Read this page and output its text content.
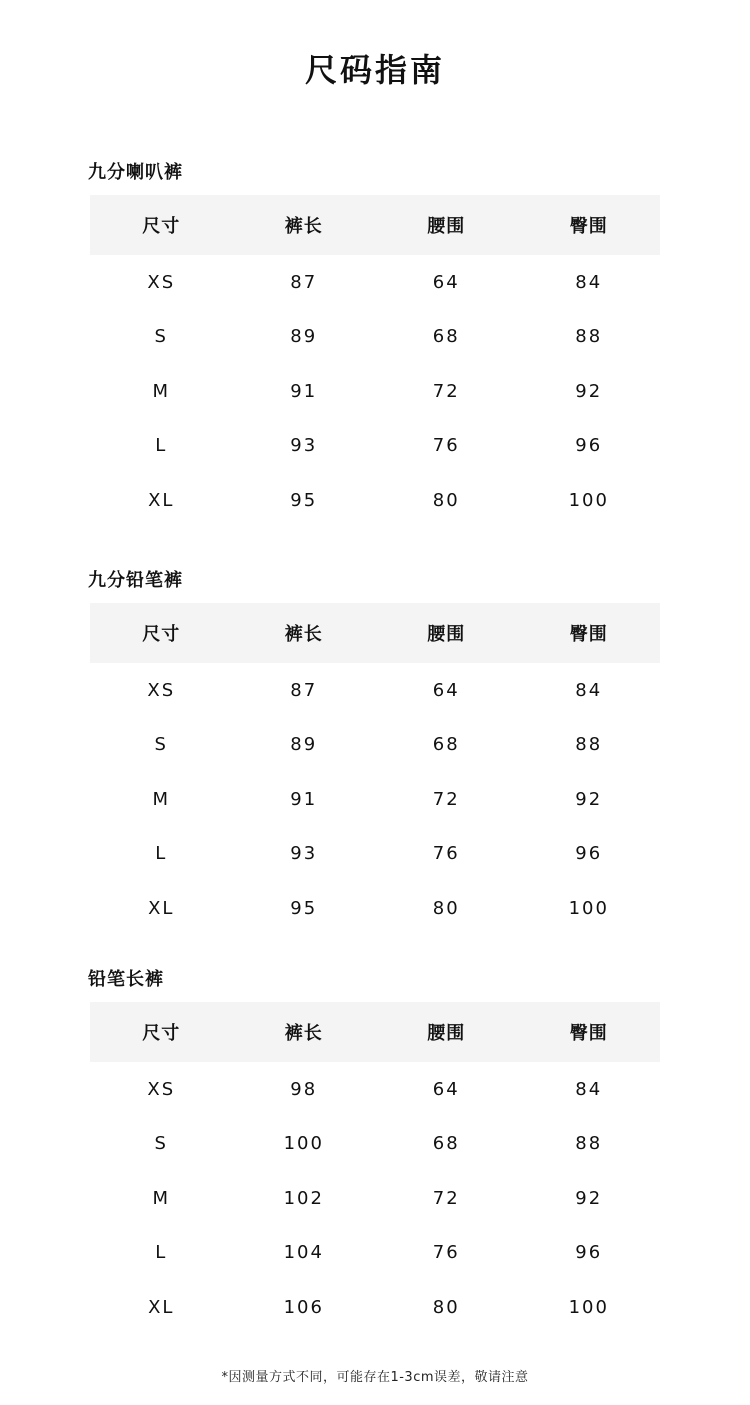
尺码指南
九分喇叭裤
尺寸	裤长	腰围	臀围
XS	87	64	84
S	89	68	88
M	91	72	92
L	93	76	96
XL	95	80	100
九分铅笔裤
尺寸	裤长	腰围	臀围
XS	87	64	84
S	89	68	88
M	91	72	92
L	93	76	96
XL	95	80	100
铅笔长裤
尺寸	裤长	腰围	臀围
XS	98	64	84
S	100	68	88
M	102	72	92
L	104	76	96
XL	106	80	100
*因测量方式不同，可能存在1-3cm误差，敬请注意
